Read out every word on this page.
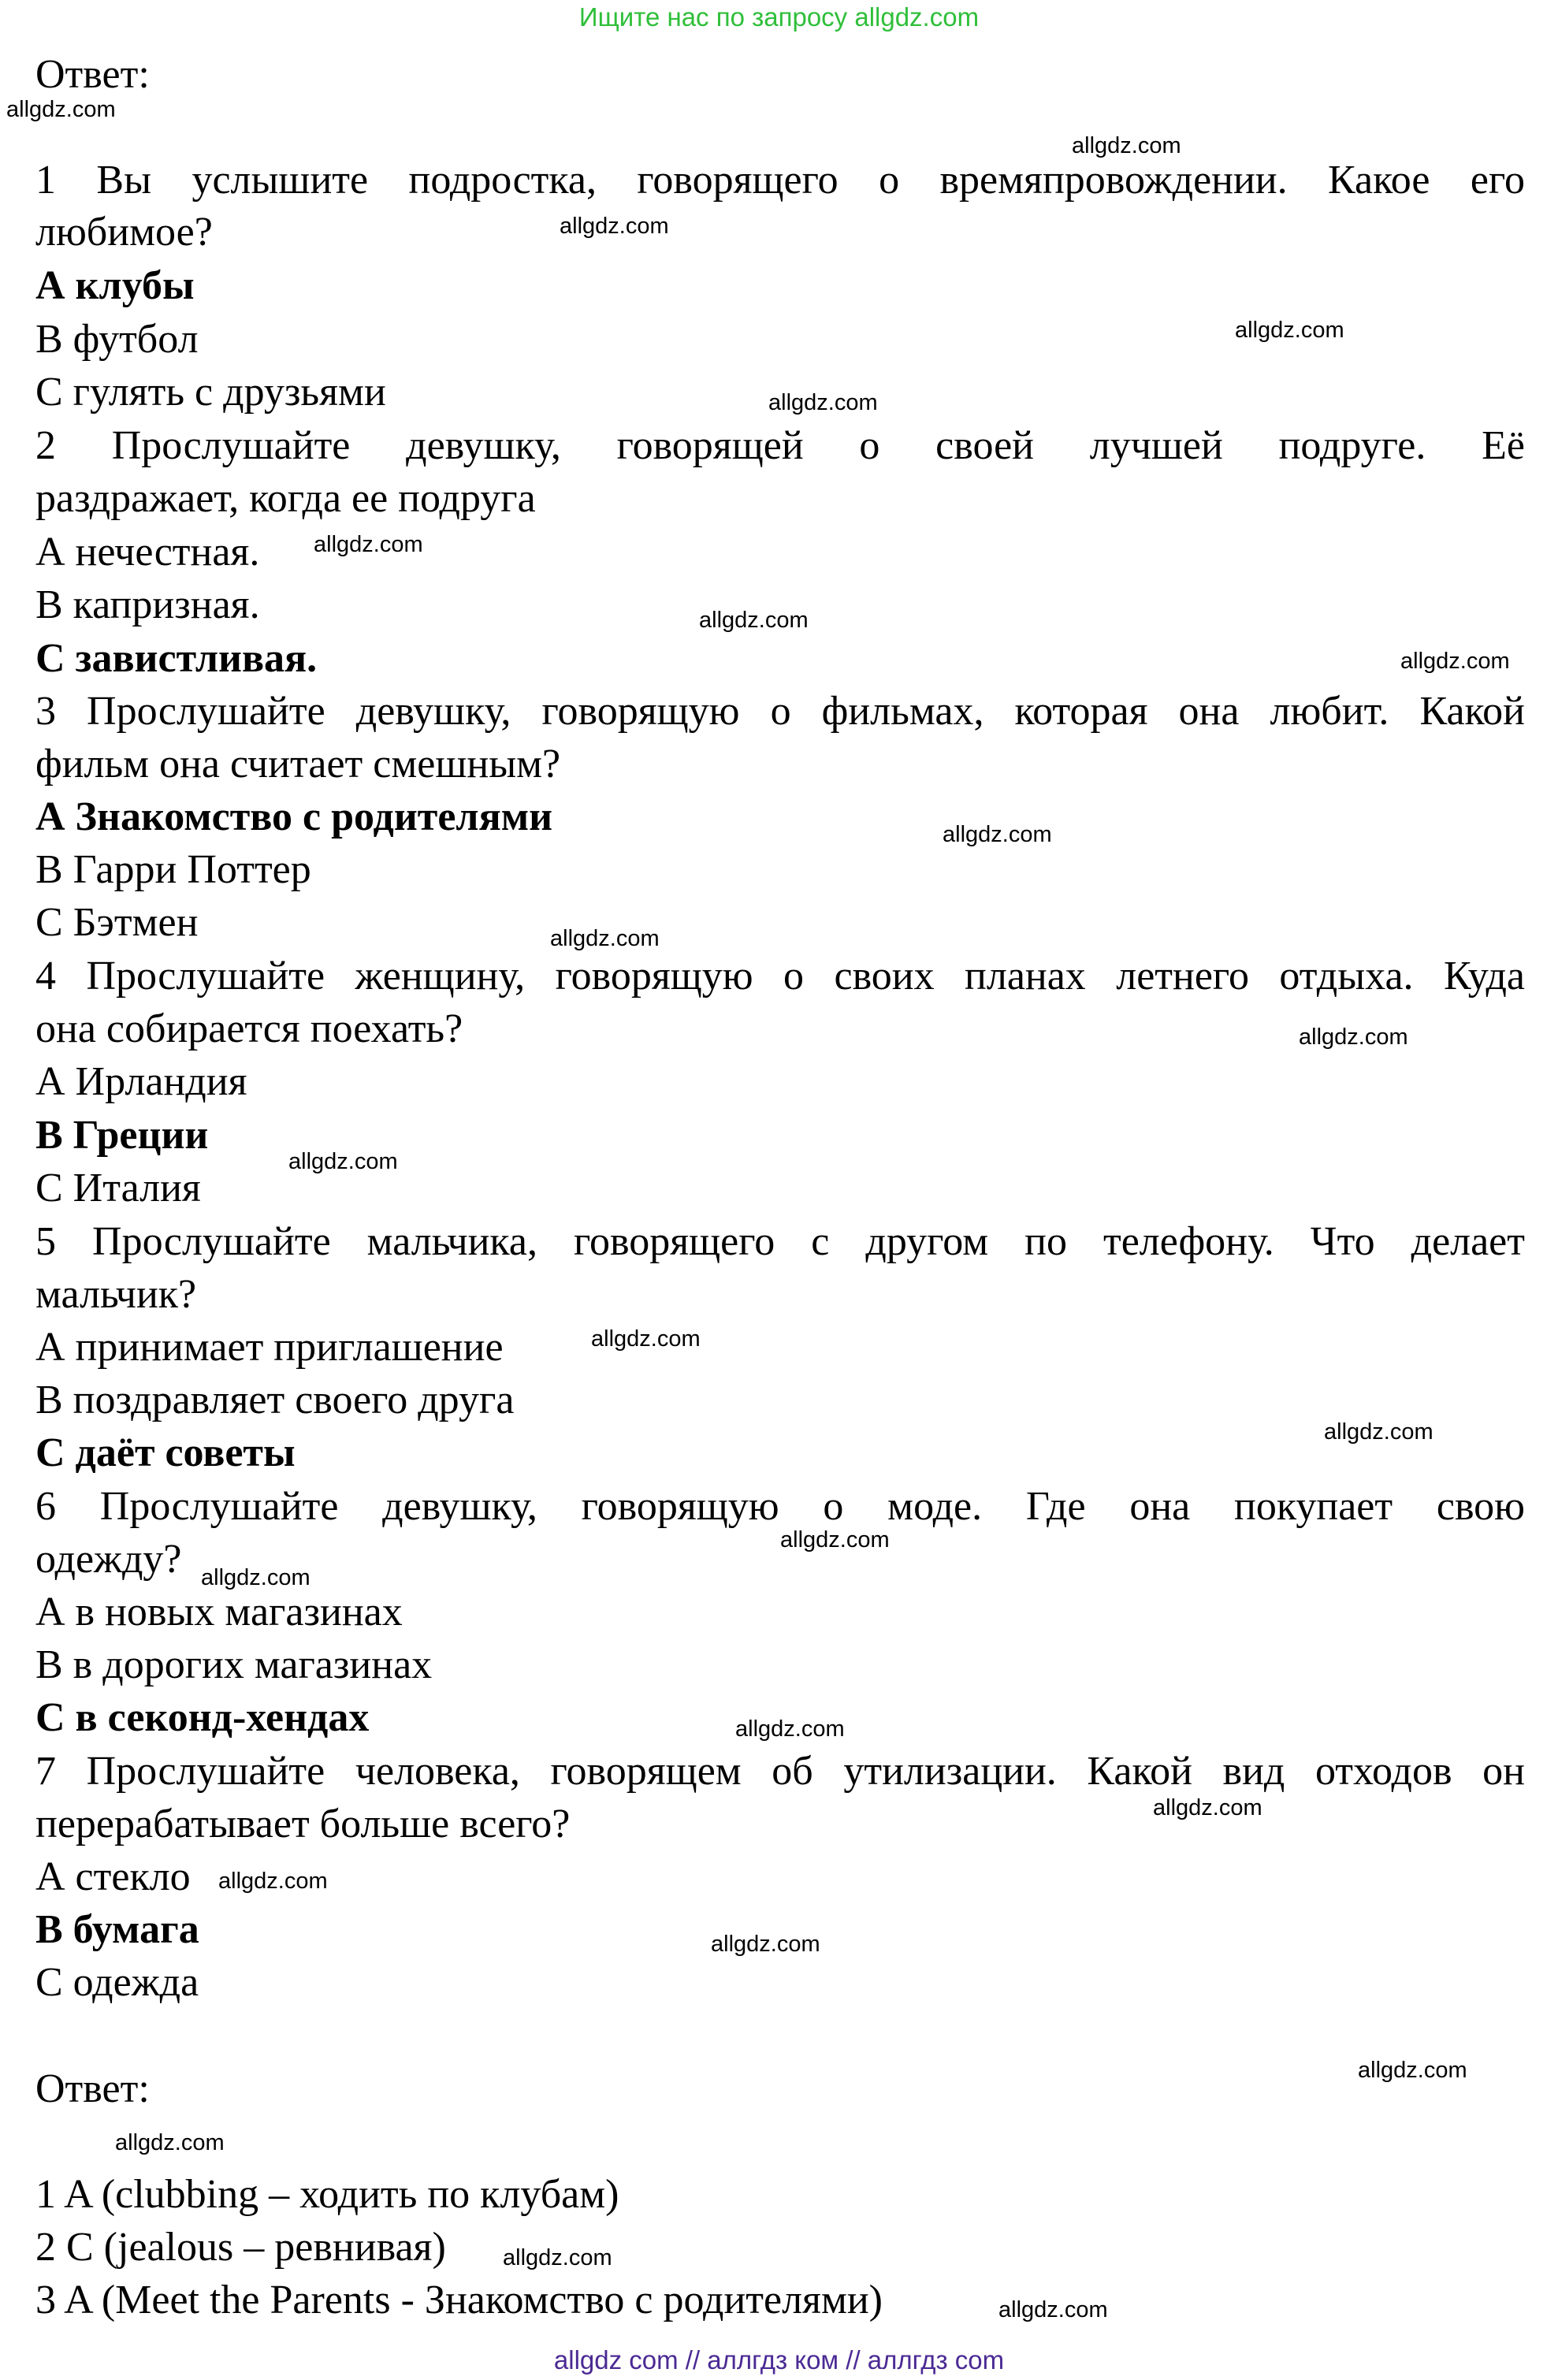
Ищите нас по запросу allgdz.com
Ответ:
1 Вы услышите подростка, говорящего о времяпровождении. Какое его
любимое?
А клубы
В футбол
С гулять с друзьями
2 Прослушайте девушку, говорящей о своей лучшей подруге. Её
раздражает, когда ее подруга
А нечестная.
В капризная.
С завистливая.
3 Прослушайте девушку, говорящую о фильмах, которая она любит. Какой
фильм она считает смешным?
А Знакомство с родителями
В Гарри Поттер
С Бэтмен
4 Прослушайте женщину, говорящую о своих планах летнего отдыха. Куда
она собирается поехать?
А Ирландия
В Греции
С Италия
5 Прослушайте мальчика, говорящего с другом по телефону. Что делает
мальчик?
А принимает приглашение
В поздравляет своего друга
С даёт советы
6 Прослушайте девушку, говорящую о моде. Где она покупает свою
одежду?
А в новых магазинах
В в дорогих магазинах
С в секонд-хендах
7 Прослушайте человека, говорящем об утилизации. Какой вид отходов он
перерабатывает больше всего?
А стекло
В бумага
С одежда
Ответ:
1 A (clubbing – ходить по клубам)
2 C (jealous – ревнивая)
3 A (Meet the Parents - Знакомство с родителями)
allgdz.com
allgdz.com
allgdz.com
allgdz.com
allgdz.com
allgdz.com
allgdz.com
allgdz.com
allgdz.com
allgdz.com
allgdz.com
allgdz.com
allgdz.com
allgdz.com
allgdz.com
allgdz.com
allgdz.com
allgdz.com
allgdz.com
allgdz.com
allgdz.com
allgdz.com
allgdz.com
allgdz.com
allgdz com // аллгдз ком // аллгдз com
